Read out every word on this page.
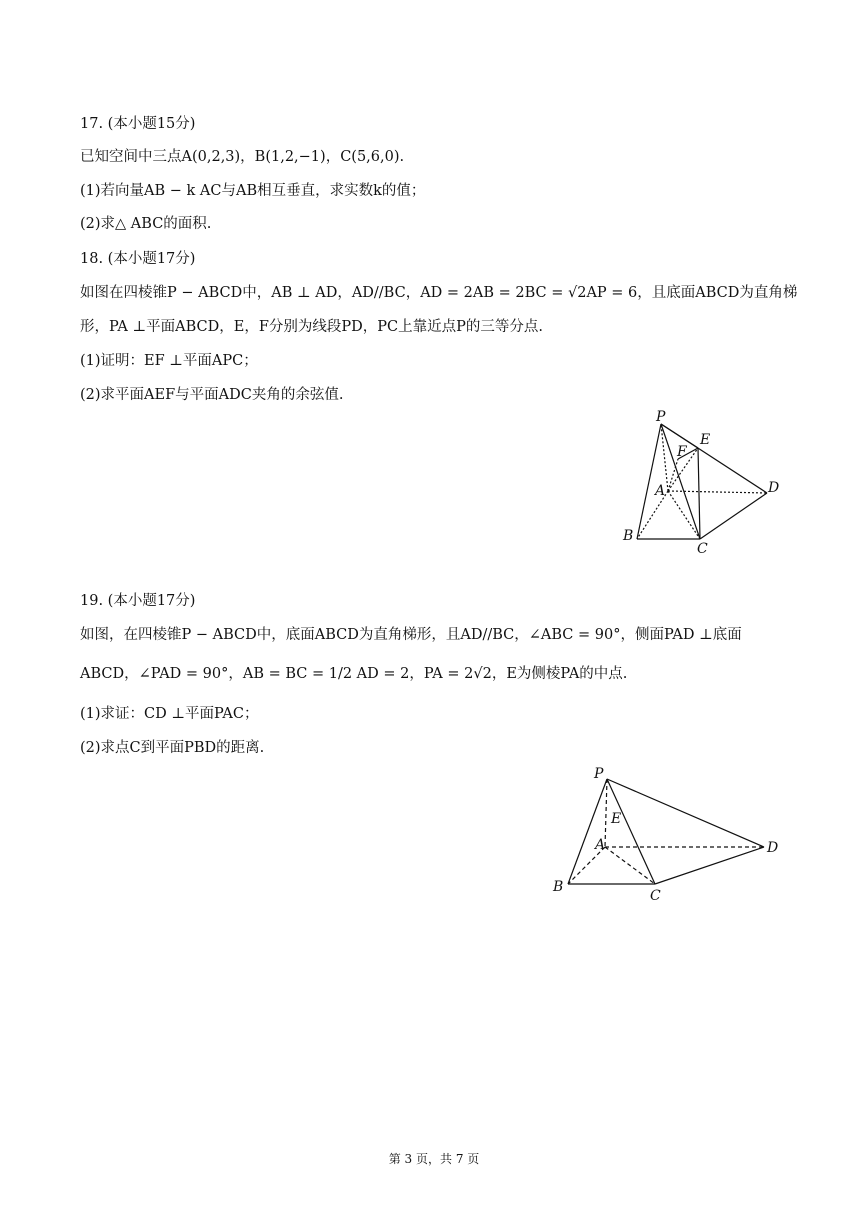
17. (本小题15分)
已知空间中三点A(0,2,3)，B(1,2,−1)，C(5,6,0).
(1)若向量AB − k AC与AB相互垂直，求实数k的值；
(2)求△ ABC的面积.
18. (本小题17分)
如图在四棱锥P − ABCD中，AB ⊥ AD，AD//BC，AD = 2AB = 2BC = √2AP = 6，且底面ABCD为直角梯
形，PA ⊥平面ABCD，E，F分别为线段PD，PC上靠近点P的三等分点.
(1)证明：EF ⊥平面APC；
(2)求平面AEF与平面ADC夹角的余弦值.
P
E
F
A	D
B
C
19. (本小题17分)
如图，在四棱锥P − ABCD中，底面ABCD为直角梯形，且AD//BC，∠ABC = 90°，侧面PAD ⊥底面
ABCD，∠PAD = 90°，AB = BC = 1/2 AD = 2，PA = 2√2，E为侧棱PA的中点.
(1)求证：CD ⊥平面PAC；
(2)求点C到平面PBD的距离.
P
E
A	D
B
C
第 3 页，共 7 页
